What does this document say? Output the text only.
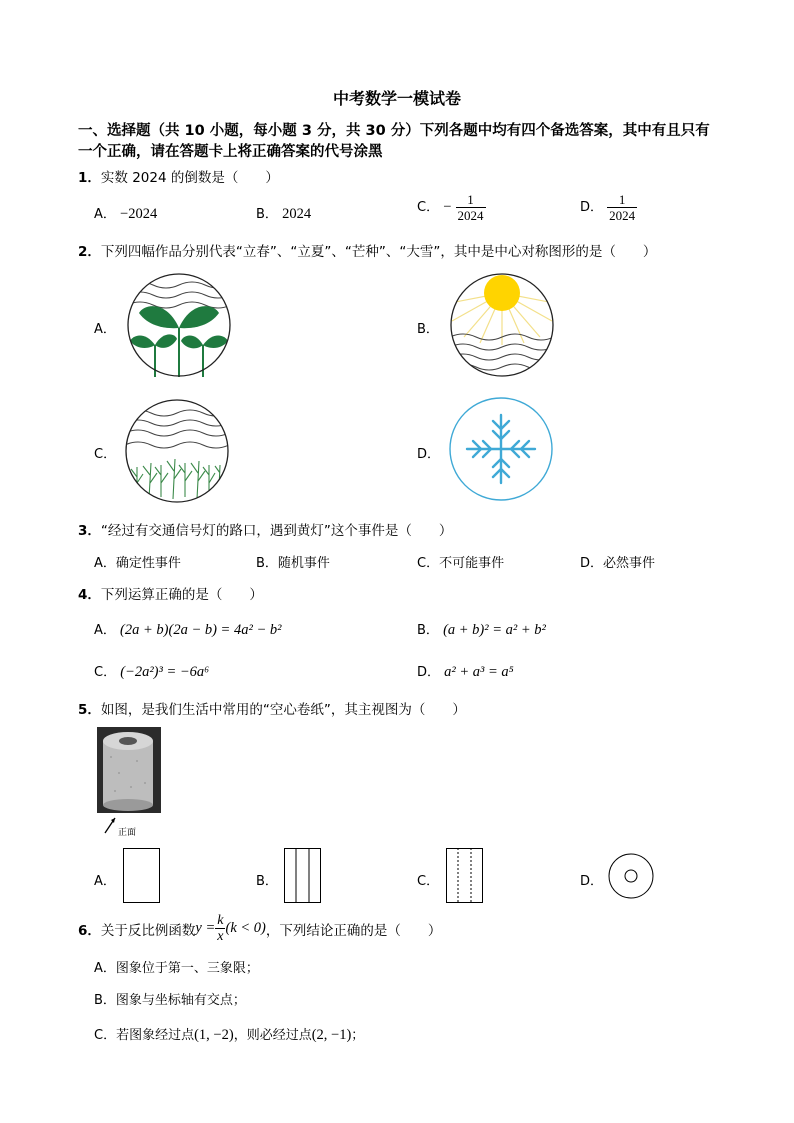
中考数学一模试卷
一、选择题（共 10 小题，每小题 3 分，共 30 分）下列各题中均有四个备选答案，其中有且只有
一个正确，请在答题卡上将正确答案的代号涂黑
1．实数 2024 的倒数是（　　）
A． −2024	B． 2024	C． − $\frac{1}{2024}$	D． $\frac{1}{2024}$
2．下列四幅作品分别代表“立春”、“立夏”、“芒种”、“大雪”，其中是中心对称图形的是（　　）
A．	B．
C．	D．
3．“经过有交通信号灯的路口，遇到黄灯”这个事件是（　　）
A．确定性事件	B．随机事件	C．不可能事件	D．必然事件
4．下列运算正确的是（　　）
A． (2a + b)(2a − b) = 4a² − b²	B． (a + b)² = a² + b²
C． (−2a²)³ = −6a⁶	D． a² + a³ = a⁵
5．如图，是我们生活中常用的“空心卷纸”，其主视图为（　　）
正面
A．	B．	C．	D．
6． 关于反比例函数 $y = \frac{k}{x} (k < 0)$ ，下列结论正确的是（　　）
A．图象位于第一、三象限；
B．图象与坐标轴有交点；
C．若图象经过点(1, −2)，则必经过点(2, −1)；
